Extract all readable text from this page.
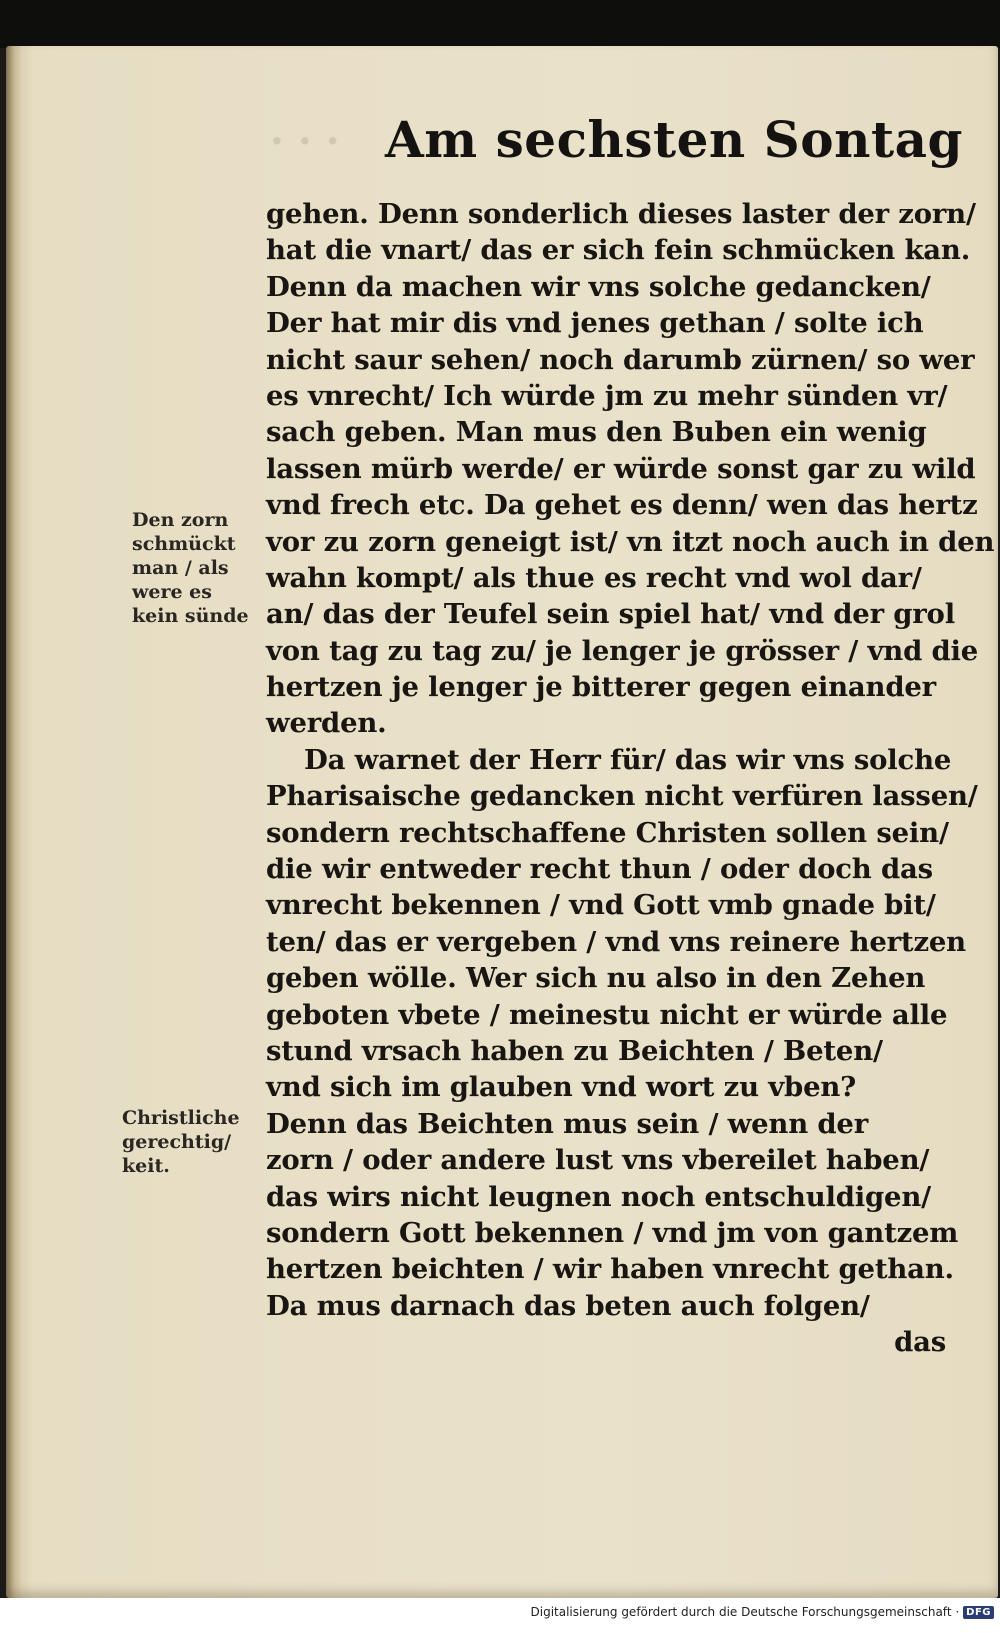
· · · Am sechsten Sontag
gehen. Denn sonderlich dieses laster der zorn/
hat die vnart/ das er sich fein schmücken kan.
Denn da machen wir vns solche gedancken/
Der hat mir dis vnd jenes gethan / solte ich
nicht saur sehen/ noch darumb zürnen/ so wer
es vnrecht/ Ich würde jm zu mehr sünden vr/
sach geben. Man mus den Buben ein wenig
lassen mürb werde/ er würde sonst gar zu wild
vnd frech etc. Da gehet es denn/ wen das hertz
vor zu zorn geneigt ist/ vn itzt noch auch in den
wahn kompt/ als thue es recht vnd wol dar/
an/ das der Teufel sein spiel hat/ vnd der grol
von tag zu tag zu/ je lenger je grösser / vnd die
hertzen je lenger je bitterer gegen einander
werden.
Da warnet der Herr für/ das wir vns solche
Pharisaische gedancken nicht verfüren lassen/
sondern rechtschaffene Christen sollen sein/
die wir entweder recht thun / oder doch das
vnrecht bekennen / vnd Gott vmb gnade bit/
ten/ das er vergeben / vnd vns reinere hertzen
geben wölle. Wer sich nu also in den Zehen
geboten vbete / meinestu nicht er würde alle
stund vrsach haben zu Beichten / Beten/
vnd sich im glauben vnd wort zu vben?
Denn das Beichten mus sein / wenn der
zorn / oder andere lust vns vbereilet haben/
das wirs nicht leugnen noch entschuldigen/
sondern Gott bekennen / vnd jm von gantzem
hertzen beichten / wir haben vnrecht gethan.
Da mus darnach das beten auch folgen/
das
Den zorn
schmückt
man / als
were es
kein sünde
Christliche
gerechtig/
keit.
Digitalisierung gefördert durch die Deutsche Forschungsgemeinschaft · DFG
